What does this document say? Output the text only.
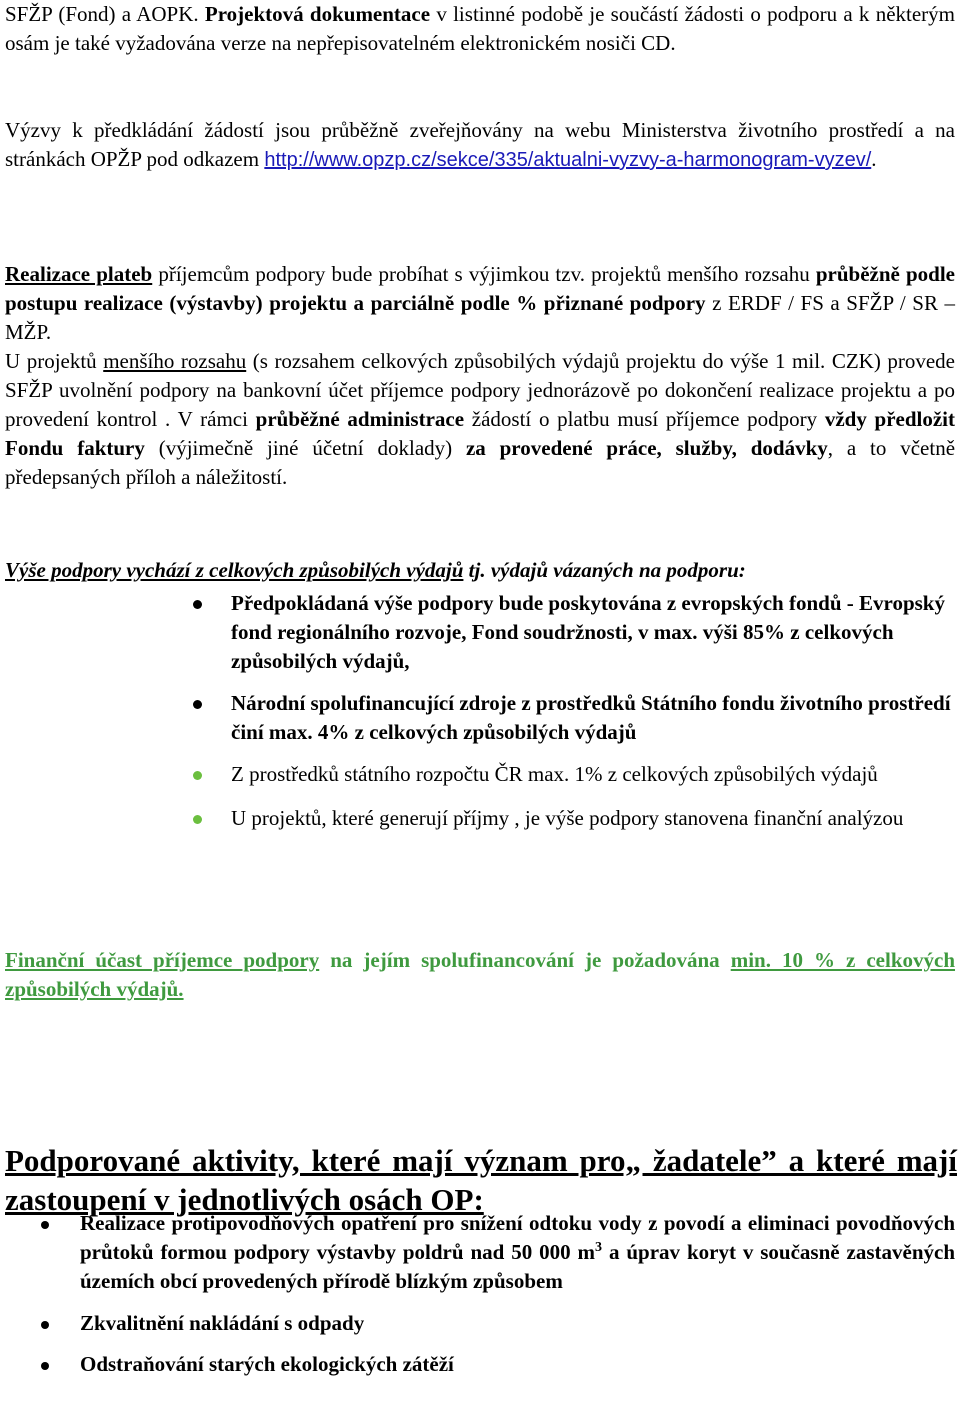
SFŽP (Fond) a AOPK. Projektová dokumentace v listinné podobě je součástí žádosti o podporu a k některým osám je také vyžadována verze na nepřepisovatelném elektronickém nosiči CD.

Výzvy k předkládání žádostí jsou průběžně zveřejňovány na webu Ministerstva životního prostředí a na stránkách OPŽP pod odkazem http://www.opzp.cz/sekce/335/aktualni-vyzvy-a-harmonogram-vyzev/.

Realizace plateb příjemcům podpory bude probíhat s výjimkou tzv. projektů menšího rozsahu průběžně podle postupu realizace (výstavby) projektu a parciálně podle % přiznané podpory z ERDF / FS a SFŽP / SR – MŽP.

U projektů menšího rozsahu (s rozsahem celkových způsobilých výdajů projektu do výše 1 mil. CZK) provede SFŽP uvolnění podpory na bankovní účet příjemce podpory jednorázově po dokončení realizace projektu a po provedení kontrol . V rámci průběžné administrace žádostí o platbu musí příjemce podpory vždy předložit Fondu faktury (výjimečně jiné účetní doklady) za provedené práce, služby, dodávky, a to včetně předepsaných příloh a náležitostí.

Výše podpory vychází z celkových způsobilých výdajů tj. výdajů vázaných na podporu:

Předpokládaná výše podpory bude poskytována z evropských fondů - Evropský fond regionálního rozvoje, Fond soudržnosti, v max. výši 85% z celkových způsobilých výdajů,
Národní spolufinancující zdroje z prostředků Státního fondu životního prostředí činí max. 4% z celkových způsobilých výdajů
Z prostředků státního rozpočtu ČR max. 1% z celkových způsobilých výdajů
U projektů, které generují příjmy , je výše podpory stanovena finanční analýzou

Finanční účast příjemce podpory na jejím spolufinancování je požadována min. 10 % z celkových způsobilých výdajů.

Podporované aktivity, které mají význam pro„ žadatele” a které mají zastoupení v jednotlivých osách OP:
Realizace protipovodňových opatření pro snížení odtoku vody z povodí a eliminaci povodňových průtoků formou podpory výstavby poldrů nad 50 000 $m^3$ a úprav koryt v současně zastavěných územích obcí provedených přírodě blízkým způsobem
Zkvalitnění nakládání s odpady
Odstraňování starých ekologických zátěží
